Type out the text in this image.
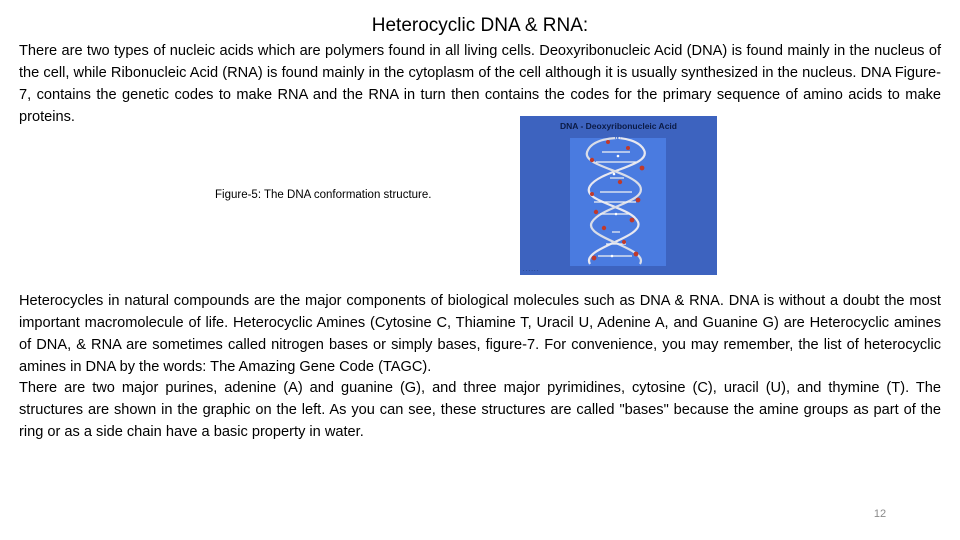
Heterocyclic DNA & RNA:

There are two types of nucleic acids which are polymers found in all living cells. Deoxyribonucleic Acid (DNA) is found mainly in the nucleus of the cell, while Ribonucleic Acid (RNA) is found mainly in the cytoplasm of the cell although it is usually synthesized in the nucleus. DNA Figure-7, contains the genetic codes to make RNA and the RNA in turn then contains the codes for the primary sequence of amino acids to make proteins.

Figure-5: The DNA conformation structure.
DNA - Deoxyribonucleic Acid
. . . . . .

Heterocycles in natural compounds are the major components of biological molecules such as DNA & RNA. DNA is without a doubt the most important macromolecule of life. Heterocyclic Amines (Cytosine C, Thiamine T, Uracil U, Adenine A, and Guanine G) are Heterocyclic amines of DNA, & RNA are sometimes called nitrogen bases or simply bases, figure-7. For convenience, you may remember, the list of heterocyclic amines in DNA by the words: The Amazing Gene Code (TAGC).

There are two major purines, adenine (A) and guanine (G), and three major pyrimidines, cytosine (C), uracil (U), and thymine (T). The structures are shown in the graphic on the left. As you can see, these structures are called "bases" because the amine groups as part of the ring or as a side chain have a basic property in water.

12
